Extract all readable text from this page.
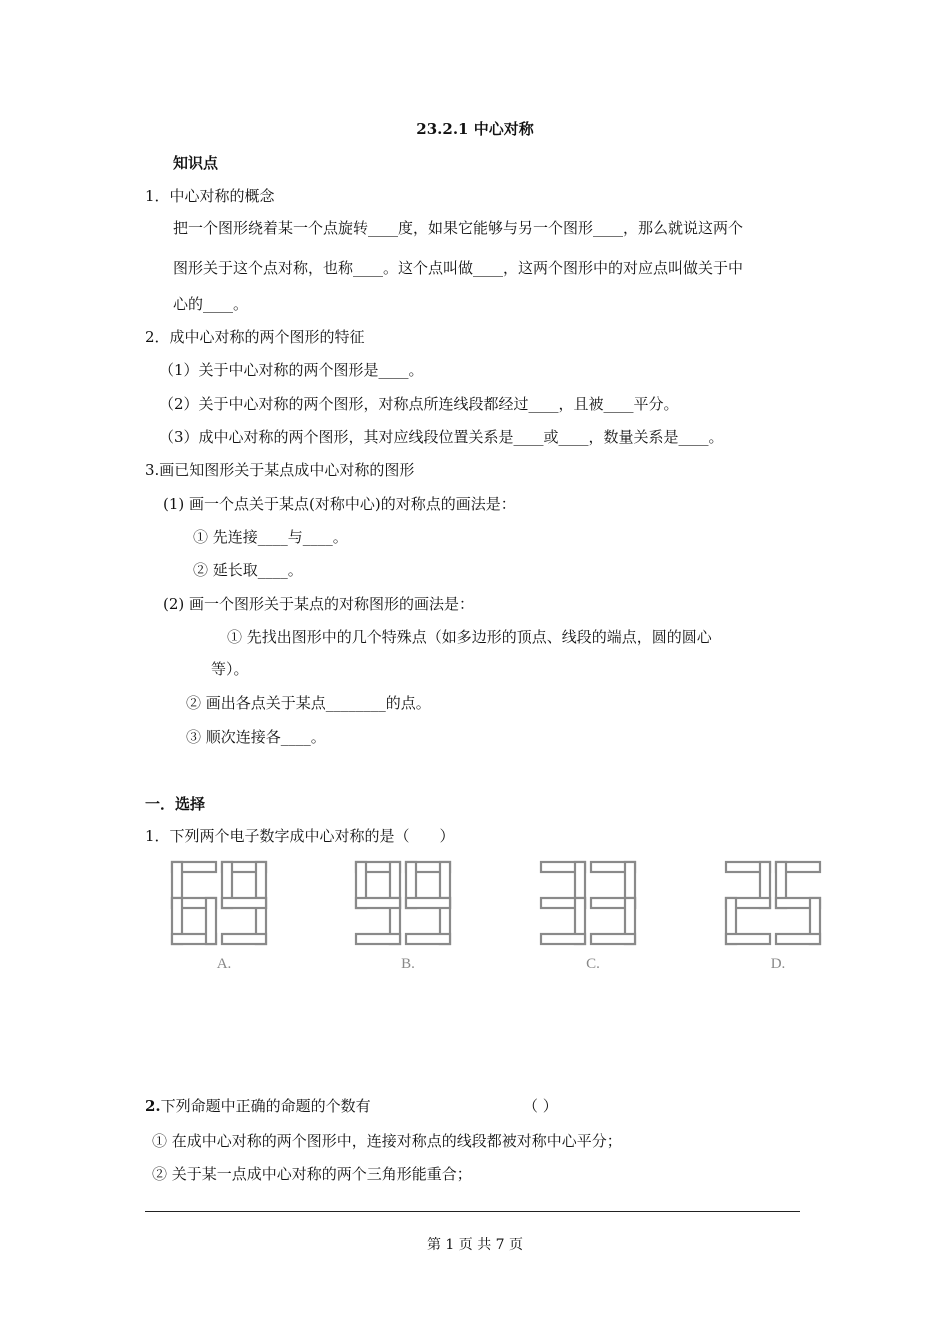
23.2.1 中心对称
知识点
1．中心对称的概念
把一个图形绕着某一个点旋转____度，如果它能够与另一个图形____，那么就说这两个
图形关于这个点对称，也称____。这个点叫做____，这两个图形中的对应点叫做关于中
心的____。
2．成中心对称的两个图形的特征
（1）关于中心对称的两个图形是____。
（2）关于中心对称的两个图形，对称点所连线段都经过____，且被____平分。
（3）成中心对称的两个图形，其对应线段位置关系是____或____，数量关系是____。
3.画已知图形关于某点成中心对称的图形
(1) 画一个点关于某点(对称中心)的对称点的画法是：
① 先连接____与____。
② 延长取____。
(2) 画一个图形关于某点的对称图形的画法是：
① 先找出图形中的几个特殊点（如多边形的顶点、线段的端点，圆的圆心
等）。
② 画出各点关于某点________的点。
③ 顺次连接各____。
一．选择
1．下列两个电子数字成中心对称的是（　　）
A.	B.	C.	D.
2.下列命题中正确的命题的个数有	（ ）
① 在成中心对称的两个图形中，连接对称点的线段都被对称中心平分；
② 关于某一点成中心对称的两个三角形能重合；
第 1 页 共 7 页
